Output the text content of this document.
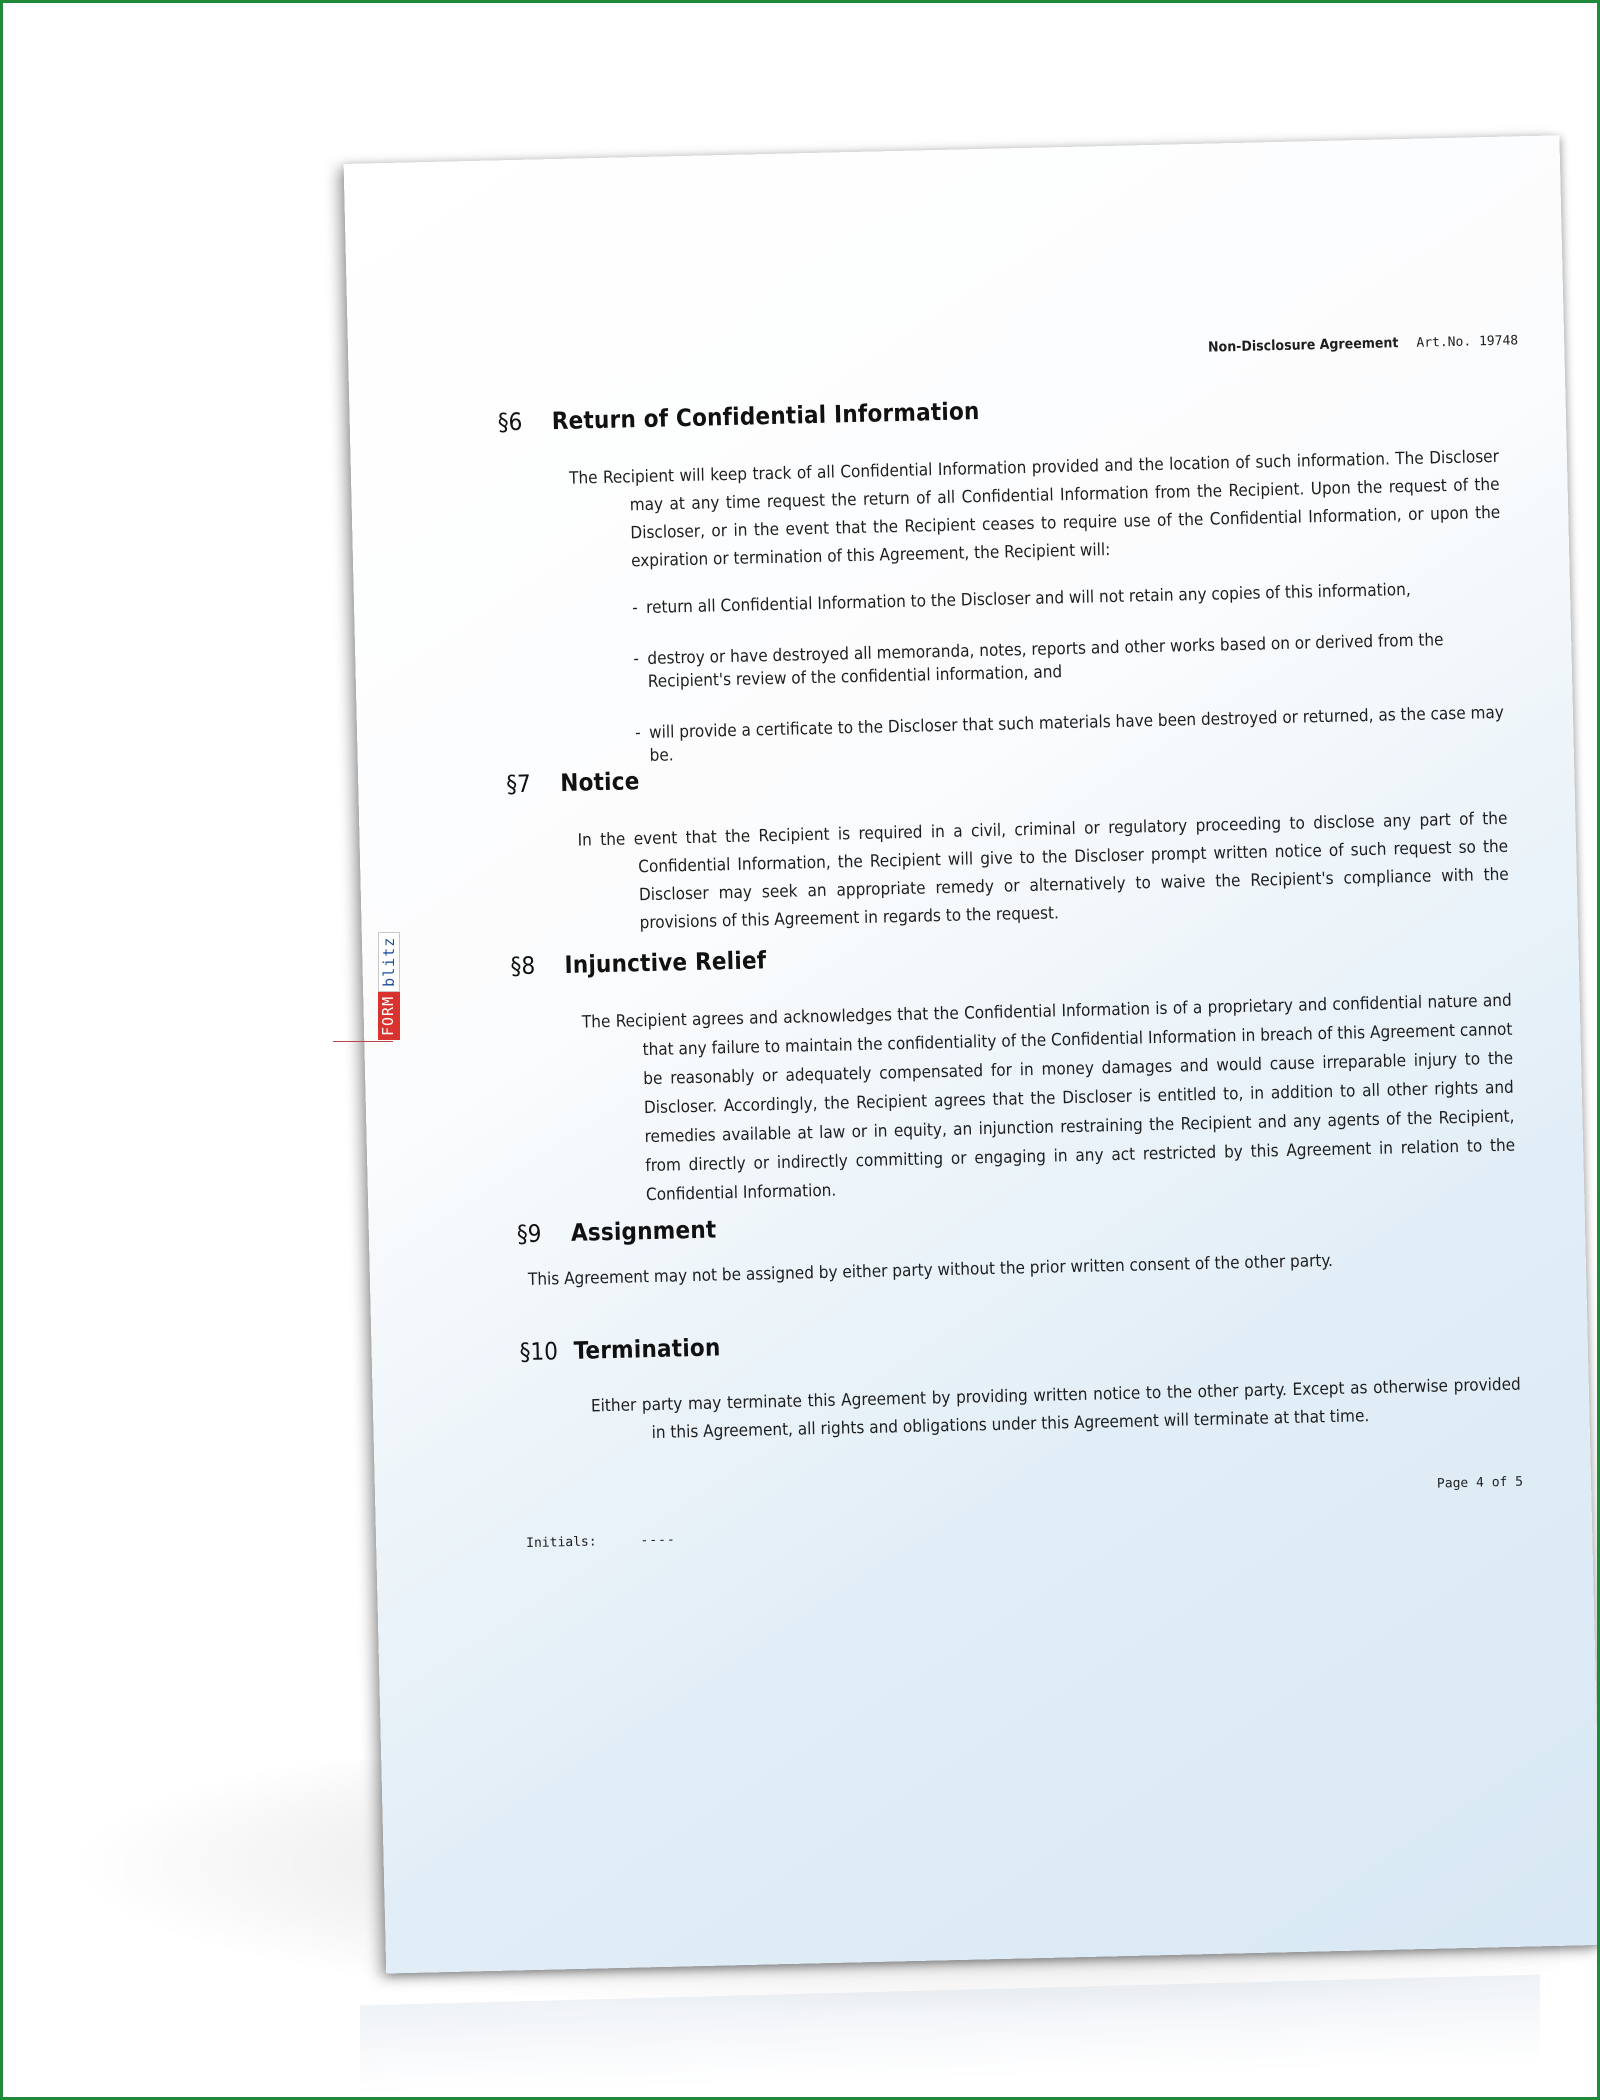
Non-Disclosure Agreement Art.No. 19748
§6	Return of Confidential Information

The Recipient will keep track of all Confidential Information provided and the location of such information. The Discloser may at any time request the return of all Confidential Information from the Recipient. Upon the request of the Discloser, or in the event that the Recipient ceases to require use of the Confidential Information, or upon the expiration or termination of this Agreement, the Recipient will:

- return all Confidential Information to the Discloser and will not retain any copies of this information,
- destroy or have destroyed all memoranda, notes, reports and other works based on or derived from the Recipient's review of the confidential information, and
- will provide a certificate to the Discloser that such materials have been destroyed or returned, as the case may be.
§7	Notice

In the event that the Recipient is required in a civil, criminal or regulatory proceeding to disclose any part of the Confidential Information, the Recipient will give to the Discloser prompt written notice of such request so the Discloser may seek an appropriate remedy or alternatively to waive the Recipient's compliance with the provisions of this Agreement in regards to the request.

§8	Injunctive Relief

The Recipient agrees and acknowledges that the Confidential Information is of a proprietary and confidential nature and that any failure to maintain the confidentiality of the Confidential Information in breach of this Agreement cannot be reasonably or adequately compensated for in money damages and would cause irreparable injury to the Discloser. Accordingly, the Recipient agrees that the Discloser is entitled to, in addition to all other rights and remedies available at law or in equity, an injunction restraining the Recipient and any agents of the Recipient, from directly or indirectly committing or engaging in any act restricted by this Agreement in relation to the Confidential Information.

§9	Assignment

This Agreement may not be assigned by either party without the prior written consent of the other party.

§10 Termination

Either party may terminate this Agreement by providing written notice to the other party. Except as otherwise provided in this Agreement, all rights and obligations under this Agreement will terminate at that time.

Page 4 of 5
Initials:	----
FORM
blitz
